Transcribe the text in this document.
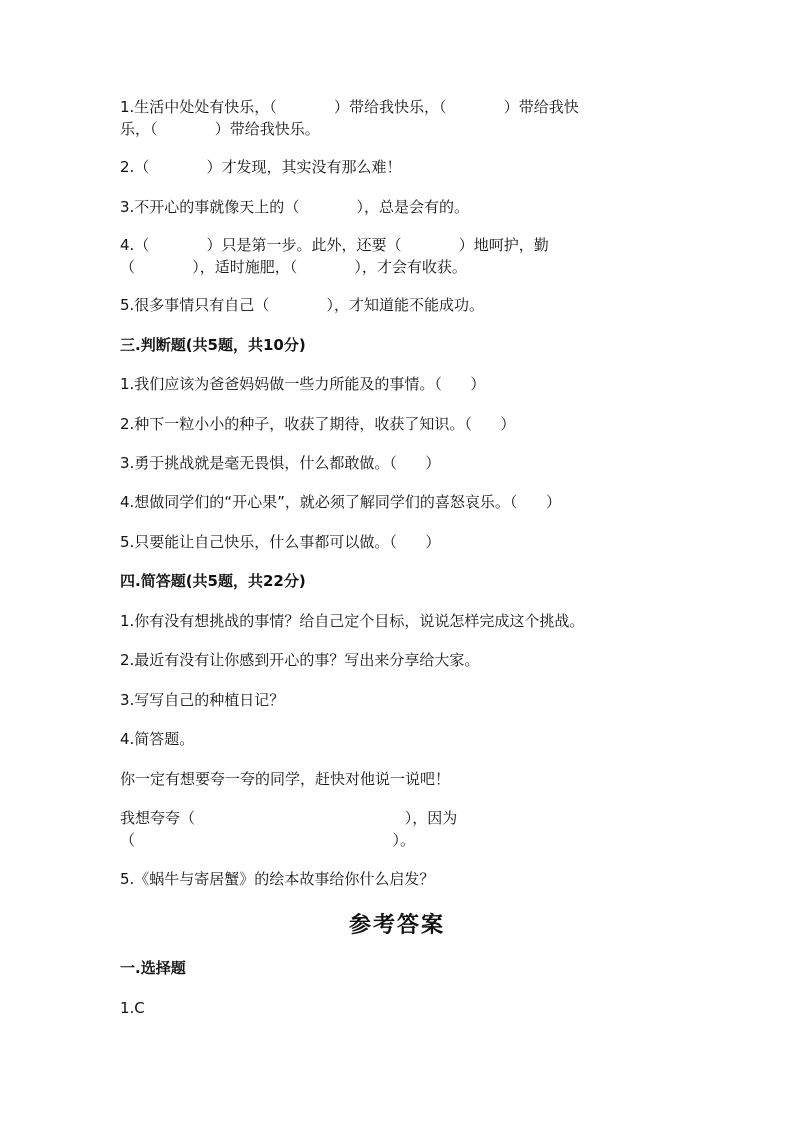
1.生活中处处有快乐，（            ）带给我快乐，（            ）带给我快
乐，（            ）带给我快乐。
2.（            ）才发现，其实没有那么难！
3.不开心的事就像天上的（            ），总是会有的。
4.（            ）只是第一步。此外，还要（            ）地呵护，勤
（            ），适时施肥，（            ），才会有收获。
5.很多事情只有自己（            ），才知道能不能成功。
三.判断题(共5题，共10分)
1.我们应该为爸爸妈妈做一些力所能及的事情。（      ）
2.种下一粒小小的种子，收获了期待，收获了知识。（      ）
3.勇于挑战就是毫无畏惧，什么都敢做。（      ）
4.想做同学们的“开心果”，就必须了解同学们的喜怒哀乐。（      ）
5.只要能让自己快乐，什么事都可以做。（      ）
四.简答题(共5题，共22分)
1.你有没有想挑战的事情？给自己定个目标，说说怎样完成这个挑战。
2.最近有没有让你感到开心的事？写出来分享给大家。
3.写写自己的种植日记？
4.简答题。
你一定有想要夸一夸的同学，赶快对他说一说吧！
我想夸夸（                                            ），因为
（                                                      ）。
5.《蜗牛与寄居蟹》的绘本故事给你什么启发？
参考答案
一.选择题
1.C
